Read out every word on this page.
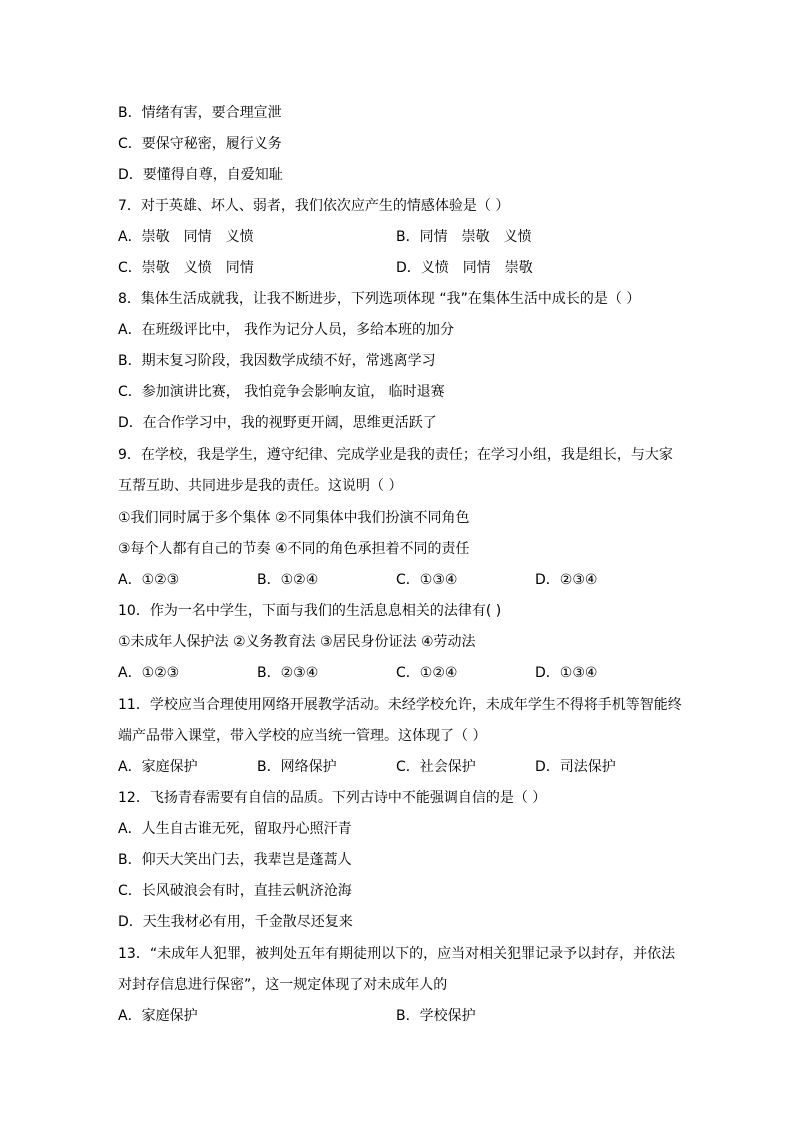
B．情绪有害，要合理宣泄
C．要保守秘密，履行义务
D．要懂得自尊，自爱知耻
7．对于英雄、坏人、弱者，我们依次应产生的情感体验是（ ）
A．崇敬　同情　义愤	B．同情　崇敬　义愤
C．崇敬　义愤　同情	D．义愤　同情　崇敬
8．集体生活成就我，让我不断进步，下列选项体现 “我”在集体生活中成长的是（ ）
A．在班级评比中， 我作为记分人员，多给本班的加分
B．期末复习阶段，我因数学成绩不好，常逃离学习
C．参加演讲比赛， 我怕竞争会影响友谊， 临时退赛
D．在合作学习中，我的视野更开阔，思维更活跃了
9．在学校，我是学生，遵守纪律、完成学业是我的责任；在学习小组，我是组长，与大家
互帮互助、共同进步是我的责任。这说明（ ）
①我们同时属于多个集体 ②不同集体中我们扮演不同角色
③每个人都有自己的节奏 ④不同的角色承担着不同的责任
A．①②③	B．①②④	C．①③④	D．②③④
10．作为一名中学生，下面与我们的生活息息相关的法律有( )
①未成年人保护法 ②义务教育法 ③居民身份证法 ④劳动法
A．①②③	B．②③④	C．①②④	D．①③④
11．学校应当合理使用网络开展教学活动。未经学校允许，未成年学生不得将手机等智能终
端产品带入课堂，带入学校的应当统一管理。这体现了（ ）
A．家庭保护	B．网络保护	C．社会保护	D．司法保护
12．飞扬青春需要有自信的品质。下列古诗中不能强调自信的是（ ）
A．人生自古谁无死，留取丹心照汗青
B．仰天大笑出门去，我辈岂是蓬蒿人
C．长风破浪会有时，直挂云帆济沧海
D．天生我材必有用，千金散尽还复来
13．“未成年人犯罪，被判处五年有期徒刑以下的，应当对相关犯罪记录予以封存，并依法
对封存信息进行保密”，这一规定体现了对未成年人的
A．家庭保护	B．学校保护
